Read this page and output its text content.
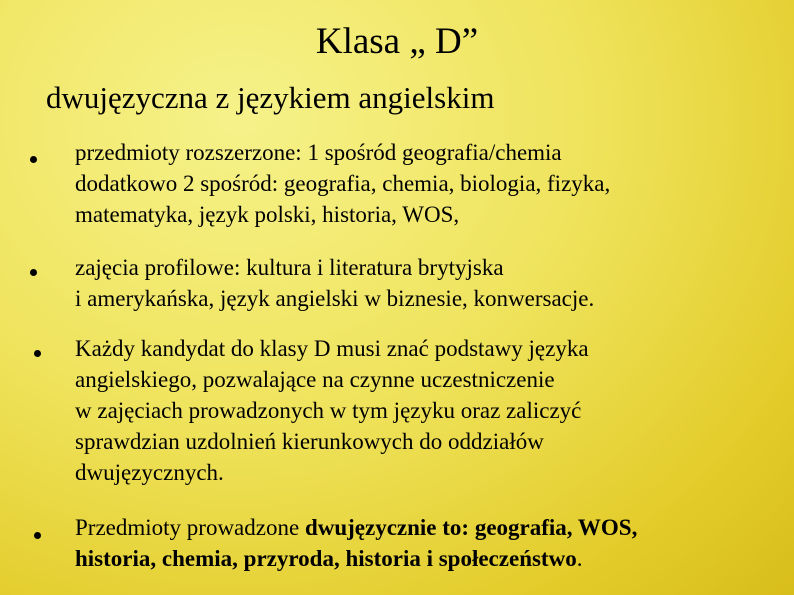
Klasa „ D”
dwujęzyczna z językiem angielskim
przedmioty rozszerzone: 1 spośród geografia/chemia
dodatkowo 2 spośród: geografia, chemia, biologia, fizyka,
matematyka, język polski, historia, WOS,
zajęcia profilowe: kultura i literatura brytyjska
i amerykańska, język angielski w biznesie, konwersacje.
Każdy kandydat do klasy D musi znać podstawy języka
angielskiego, pozwalające na czynne uczestniczenie
w zajęciach prowadzonych w tym języku oraz zaliczyć
sprawdzian uzdolnień kierunkowych do oddziałów
dwujęzycznych.
Przedmioty prowadzone dwujęzycznie to: geografia, WOS,
historia, chemia, przyroda, historia i społeczeństwo.
